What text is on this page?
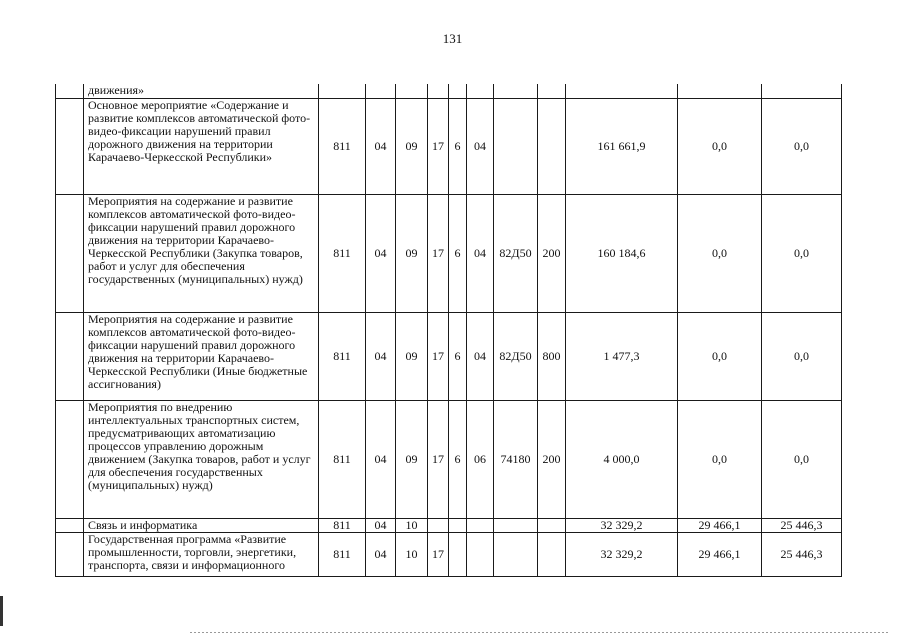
131
	движения»											
	Основное мероприятие «Содержание и развитие комплексов автоматической фото-видео-фиксации нарушений правил дорожного движения на территории Карачаево-Черкесской Республики»	811	04	09	17	6	04			161 661,9	0,0	0,0
	Мероприятия на содержание и развитие комплексов автоматической фото-видео-фиксации нарушений правил дорожного движения на территории Карачаево-Черкесской Республики (Закупка товаров, работ и услуг для обеспечения государственных (муниципальных) нужд)	811	04	09	17	6	04	82Д50	200	160 184,6	0,0	0,0
	Мероприятия на содержание и развитие комплексов автоматической фото-видео-фиксации нарушений правил дорожного движения на территории Карачаево-Черкесской Республики (Иные бюджетные ассигнования)	811	04	09	17	6	04	82Д50	800	1 477,3	0,0	0,0
	Мероприятия по внедрению интеллектуальных транспортных систем, предусматривающих автоматизацию процессов управлению дорожным движением (Закупка товаров, работ и услуг для обеспечения государственных (муниципальных) нужд)	811	04	09	17	6	06	74180	200	4 000,0	0,0	0,0
	Связь и информатика	811	04	10						32 329,2	29 466,1	25 446,3
	Государственная программа «Развитие промышленности, торговли, энергетики, транспорта, связи и информационного	811	04	10	17					32 329,2	29 466,1	25 446,3
